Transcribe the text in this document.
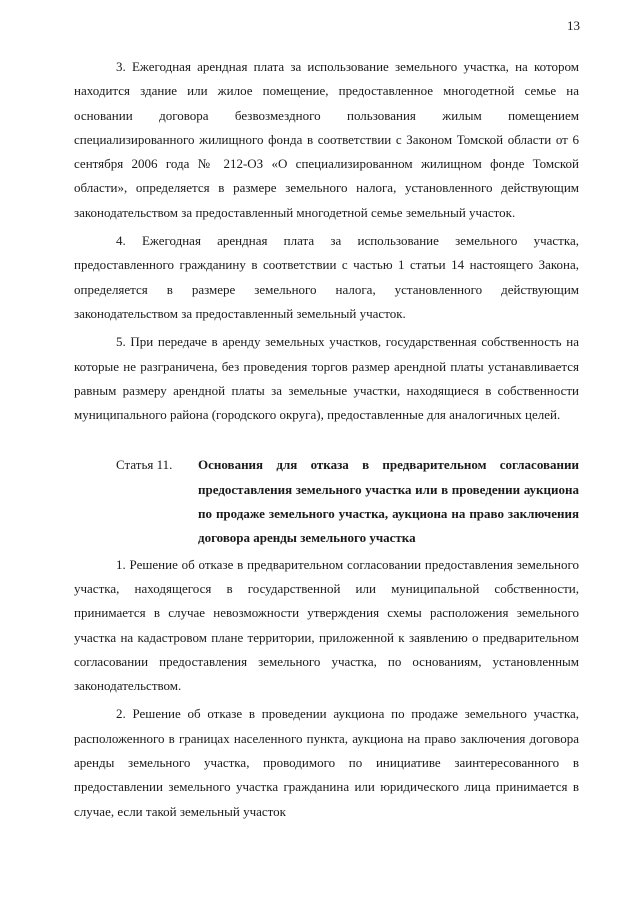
13

3. Ежегодная арендная плата за использование земельного участка, на котором находится здание или жилое помещение, предоставленное многодетной семье на основании договора безвозмездного пользования жилым помещением специализированного жилищного фонда в соответствии с Законом Томской области от 6 сентября 2006 года № 212-ОЗ «О специализированном жилищном фонде Томской области», определяется в размере земельного налога, установленного действующим законодательством за предоставленный многодетной семье земельный участок.

4. Ежегодная арендная плата за использование земельного участка, предоставленного гражданину в соответствии с частью 1 статьи 14 настоящего Закона, определяется в размере земельного налога, установленного действующим законодательством за предоставленный земельный участок.

5. При передаче в аренду земельных участков, государственная собственность на которые не разграничена, без проведения торгов размер арендной платы устанавливается равным размеру арендной платы за земельные участки, находящиеся в собственности муниципального района (городского округа), предоставленные для аналогичных целей.

Статья 11.	Основания для отказа в предварительном согласовании предоставления земельного участка или в проведении аукциона по продаже земельного участка, аукциона на право заключения договора аренды земельного участка

1. Решение об отказе в предварительном согласовании предоставления земельного участка, находящегося в государственной или муниципальной собственности, принимается в случае невозможности утверждения схемы расположения земельного участка на кадастровом плане территории, приложенной к заявлению о предварительном согласовании предоставления земельного участка, по основаниям, установленным законодательством.

2. Решение об отказе в проведении аукциона по продаже земельного участка, расположенного в границах населенного пункта, аукциона на право заключения договора аренды земельного участка, проводимого по инициативе заинтересованного в предоставлении земельного участка гражданина или юридического лица принимается в случае, если такой земельный участок
